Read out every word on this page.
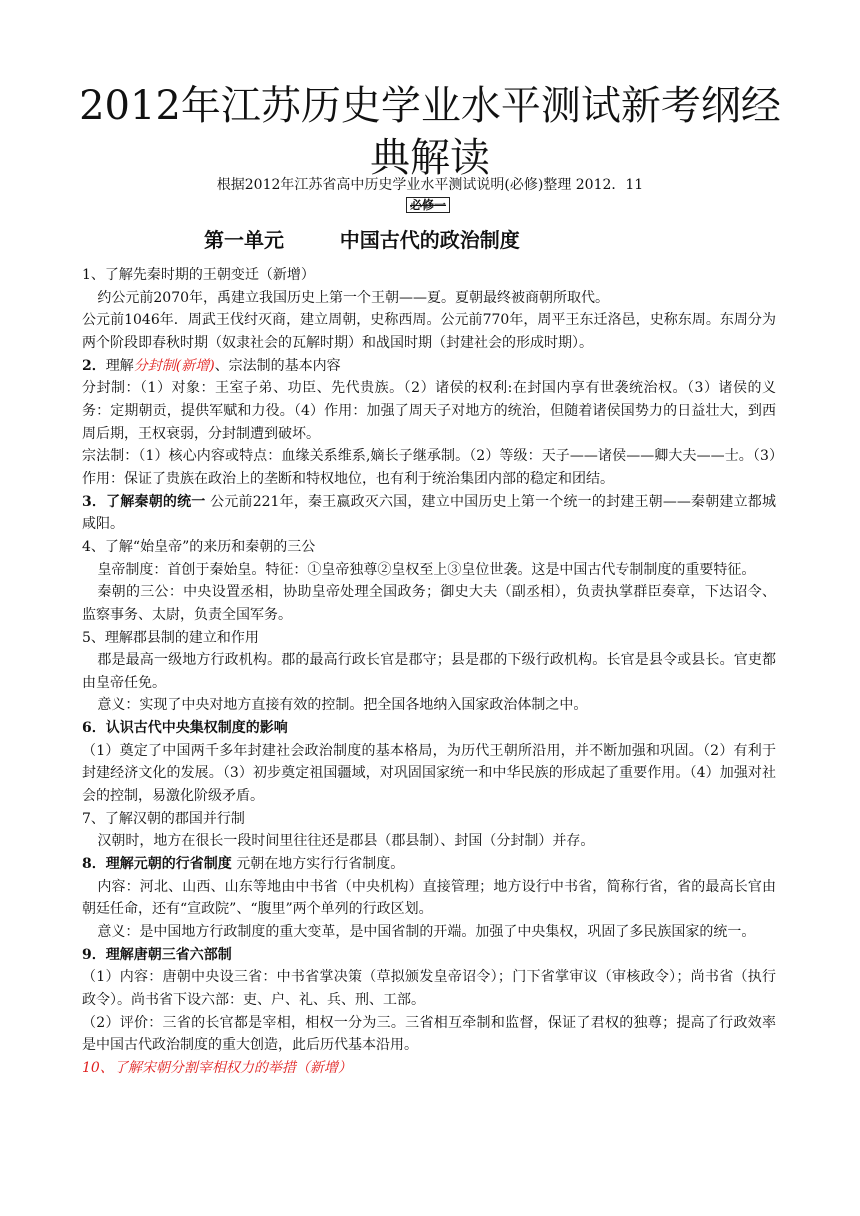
2012年江苏历史学业水平测试新考纲经典解读
根据2012年江苏省高中历史学业水平测试说明(必修)整理 2012．11
必修一
第一单元        中国古代的政治制度

1、了解先秦时期的王朝变迁（新增）

约公元前2070年，禹建立我国历史上第一个王朝——夏。夏朝最终被商朝所取代。

公元前1046年．周武王伐纣灭商，建立周朝，史称西周。公元前770年，周平王东迁洛邑，史称东周。东周分为两个阶段即春秋时期（奴隶社会的瓦解时期）和战国时期（封建社会的形成时期）。

2．理解分封制(新增)、宗法制的基本内容

分封制：（1）对象：王室子弟、功臣、先代贵族。（2）诸侯的权利:在封国内享有世袭统治权。（3）诸侯的义务：定期朝贡，提供军赋和力役。（4）作用：加强了周天子对地方的统治，但随着诸侯国势力的日益壮大，到西周后期，王权衰弱，分封制遭到破坏。

宗法制：（1）核心内容或特点：血缘关系维系,嫡长子继承制。（2）等级：天子——诸侯——卿大夫——士。（3）作用：保证了贵族在政治上的垄断和特权地位，也有利于统治集团内部的稳定和团结。

3．了解秦朝的统一 公元前221年，秦王嬴政灭六国，建立中国历史上第一个统一的封建王朝——秦朝建立都城咸阳。

4、了解“始皇帝”的来历和秦朝的三公

皇帝制度：首创于秦始皇。特征：①皇帝独尊②皇权至上③皇位世袭。这是中国古代专制制度的重要特征。

秦朝的三公：中央设置丞相，协助皇帝处理全国政务；御史大夫（副丞相），负责执掌群臣奏章，下达诏令、监察事务、太尉，负责全国军务。

5、理解郡县制的建立和作用

郡是最高一级地方行政机构。郡的最高行政长官是郡守；县是郡的下级行政机构。长官是县令或县长。官吏都由皇帝任免。

意义：实现了中央对地方直接有效的控制。把全国各地纳入国家政治体制之中。

6．认识古代中央集权制度的影响

（1）奠定了中国两千多年封建社会政治制度的基本格局，为历代王朝所沿用，并不断加强和巩固。（2）有利于封建经济文化的发展。（3）初步奠定祖国疆域，对巩固国家统一和中华民族的形成起了重要作用。（4）加强对社会的控制，易激化阶级矛盾。

7、了解汉朝的郡国并行制

汉朝时，地方在很长一段时间里往往还是郡县（郡县制）、封国（分封制）并存。

8．理解元朝的行省制度 元朝在地方实行行省制度。

内容：河北、山西、山东等地由中书省（中央机构）直接管理；地方设行中书省，简称行省，省的最高长官由朝廷任命，还有“宣政院”、“腹里”两个单列的行政区划。

意义：是中国地方行政制度的重大变革，是中国省制的开端。加强了中央集权，巩固了多民族国家的统一。

9．理解唐朝三省六部制

（1）内容：唐朝中央设三省：中书省掌决策（草拟颁发皇帝诏令）；门下省掌审议（审核政令）；尚书省（执行政令）。尚书省下设六部：吏、户、礼、兵、刑、工部。

（2）评价：三省的长官都是宰相，相权一分为三。三省相互牵制和监督，保证了君权的独尊；提高了行政效率是中国古代政治制度的重大创造，此后历代基本沿用。

10、了解宋朝分割宰相权力的举措（新增）
